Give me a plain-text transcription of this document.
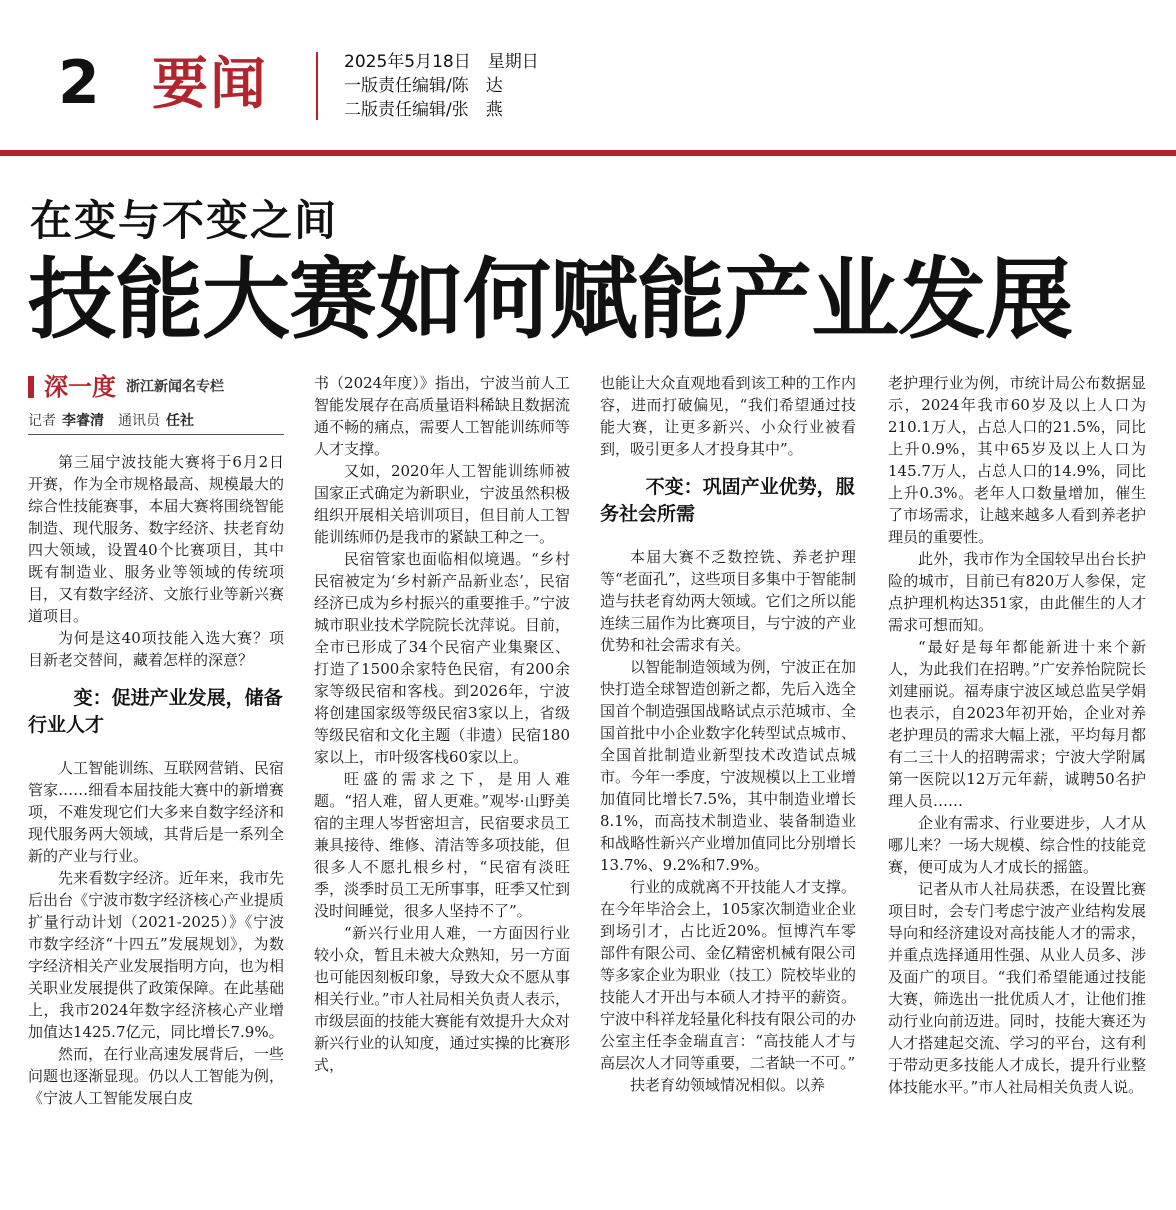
2 要闻	2025年5月18日　星期日
一版责任编辑/陈　达
二版责任编辑/张　燕
在变与不变之间
技能大赛如何赋能产业发展
深一度 浙江新闻名专栏
记者 李睿清 通讯员 任社

第三届宁波技能大赛将于6月2日开赛，作为全市规格最高、规模最大的综合性技能赛事，本届大赛将围绕智能制造、现代服务、数字经济、扶老育幼四大领域，设置40个比赛项目，其中既有制造业、服务业等领域的传统项目，又有数字经济、文旅行业等新兴赛道项目。

为何是这40项技能入选大赛？项目新老交替间，藏着怎样的深意？

变：促进产业发展，储备行业人才

人工智能训练、互联网营销、民宿管家……细看本届技能大赛中的新增赛项，不难发现它们大多来自数字经济和现代服务两大领域，其背后是一系列全新的产业与行业。

先来看数字经济。近年来，我市先后出台《宁波市数字经济核心产业提质扩量行动计划（2021-2025）》《宁波市数字经济“十四五”发展规划》，为数字经济相关产业发展指明方向，也为相关职业发展提供了政策保障。在此基础上，我市2024年数字经济核心产业增加值达1425.7亿元，同比增长7.9%。

然而，在行业高速发展背后，一些问题也逐渐显现。仍以人工智能为例，《宁波人工智能发展白皮

书（2024年度）》指出，宁波当前人工智能发展存在高质量语料稀缺且数据流通不畅的痛点，需要人工智能训练师等人才支撑。

又如，2020年人工智能训练师被国家正式确定为新职业，宁波虽然积极组织开展相关培训项目，但目前人工智能训练师仍是我市的紧缺工种之一。

民宿管家也面临相似境遇。“乡村民宿被定为‘乡村新产品新业态’，民宿经济已成为乡村振兴的重要推手。”宁波城市职业技术学院院长沈萍说。目前，全市已形成了34个民宿产业集聚区、打造了1500余家特色民宿，有200余家等级民宿和客栈。到2026年，宁波将创建国家级等级民宿3家以上，省级等级民宿和文化主题（非遗）民宿180家以上，市叶级客栈60家以上。

旺盛的需求之下，是用人难题。“招人难，留人更难。”观岑·山野美宿的主理人岑哲密坦言，民宿要求员工兼具接待、维修、清洁等多项技能，但很多人不愿扎根乡村，“民宿有淡旺季，淡季时员工无所事事，旺季又忙到没时间睡觉，很多人坚持不了”。

“新兴行业用人难，一方面因行业较小众，暂且未被大众熟知，另一方面也可能因刻板印象，导致大众不愿从事相关行业。”市人社局相关负责人表示，市级层面的技能大赛能有效提升大众对新兴行业的认知度，通过实操的比赛形式，

也能让大众直观地看到该工种的工作内容，进而打破偏见，“我们希望通过技能大赛，让更多新兴、小众行业被看到，吸引更多人才投身其中”。

不变：巩固产业优势，服务社会所需

本届大赛不乏数控铣、养老护理等“老面孔”，这些项目多集中于智能制造与扶老育幼两大领域。它们之所以能连续三届作为比赛项目，与宁波的产业优势和社会需求有关。

以智能制造领域为例，宁波正在加快打造全球智造创新之都，先后入选全国首个制造强国战略试点示范城市、全国首批中小企业数字化转型试点城市、全国首批制造业新型技术改造试点城市。今年一季度，宁波规模以上工业增加值同比增长7.5%，其中制造业增长8.1%，而高技术制造业、装备制造业和战略性新兴产业增加值同比分别增长13.7%、9.2%和7.9%。

行业的成就离不开技能人才支撑。在今年毕洽会上，105家次制造业企业到场引才，占比近20%。恒博汽车零部件有限公司、金亿精密机械有限公司等多家企业为职业（技工）院校毕业的技能人才开出与本硕人才持平的薪资。宁波中科祥龙轻量化科技有限公司的办公室主任李金瑞直言：“高技能人才与高层次人才同等重要，二者缺一不可。”

扶老育幼领域情况相似。以养

老护理行业为例，市统计局公布数据显示，2024年我市60岁及以上人口为210.1万人，占总人口的21.5%，同比上升0.9%，其中65岁及以上人口为145.7万人，占总人口的14.9%，同比上升0.3%。老年人口数量增加，催生了市场需求，让越来越多人看到养老护理员的重要性。

此外，我市作为全国较早出台长护险的城市，目前已有820万人参保，定点护理机构达351家，由此催生的人才需求可想而知。

“最好是每年都能新进十来个新人，为此我们在招聘。”广安养怡院院长刘建丽说。福寿康宁波区域总监吴学娟也表示，自2023年初开始，企业对养老护理员的需求大幅上涨，平均每月都有二三十人的招聘需求；宁波大学附属第一医院以12万元年薪，诚聘50名护理人员……

企业有需求、行业要进步，人才从哪儿来？一场大规模、综合性的技能竞赛，便可成为人才成长的摇篮。

记者从市人社局获悉，在设置比赛项目时，会专门考虑宁波产业结构发展导向和经济建设对高技能人才的需求，并重点选择通用性强、从业人员多、涉及面广的项目。“我们希望能通过技能大赛，筛选出一批优质人才，让他们推动行业向前迈进。同时，技能大赛还为人才搭建起交流、学习的平台，这有利于带动更多技能人才成长，提升行业整体技能水平。”市人社局相关负责人说。
